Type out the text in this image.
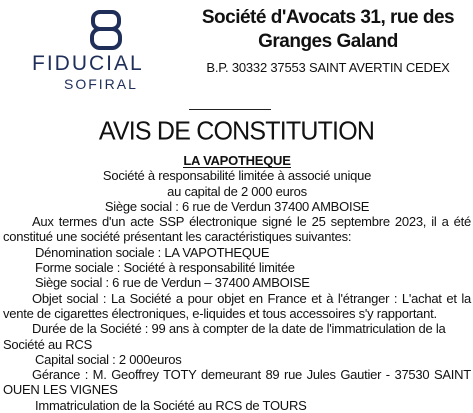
FIDUCIAL
SOFIRAL
Société d'Avocats 31, rue des
Granges Galand
B.P. 30332 37553 SAINT AVERTIN CEDEX
AVIS DE CONSTITUTION
LA VAPOTHEQUE
Société à responsabilité limitée à associé unique
au capital de 2 000 euros
Siège social : 6 rue de Verdun 37400 AMBOISE
Aux termes d'un acte SSP électronique signé le 25 septembre 2023, il a été constitué une société présentant les caractéristiques suivantes:
Dénomination sociale : LA VAPOTHEQUE
Forme sociale : Société à responsabilité limitée
Siège social : 6 rue de Verdun – 37400 AMBOISE
Objet social : La Société a pour objet en France et à l'étranger : L'achat et la vente de cigarettes électroniques, e-liquides et tous accessoires s'y rapportant.
Durée de la Société : 99 ans à compter de la date de l'immatriculation de la Société au RCS
Capital social : 2 000euros
Gérance : M. Geoffrey TOTY demeurant 89 rue Jules Gautier - 37530 SAINT OUEN LES VIGNES
Immatriculation de la Société au RCS de TOURS
